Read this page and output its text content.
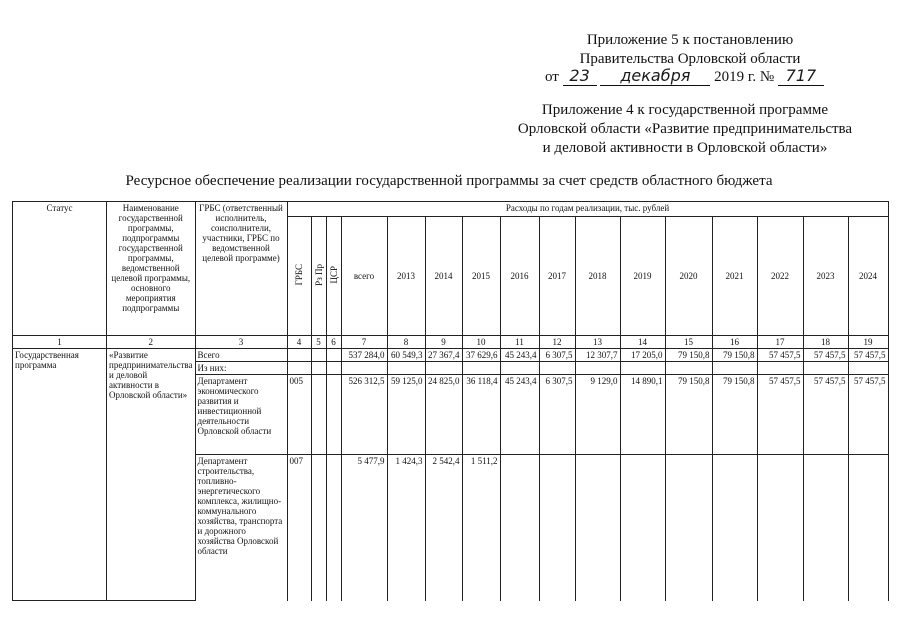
Приложение 5 к постановлению
Правительства Орловской области
от 23 декабря 2019 г. № 717
Приложение 4 к государственной программе
Орловской области «Развитие предпринимательства
и деловой активности в Орловской области»
Ресурсное обеспечение реализации государственной программы за счет средств областного бюджета
Статус	Наименование государственной программы, подпрограммы государственной программы, ведомственной целевой программы, основного мероприятия подпрограммы	ГРБС (ответственный исполнитель, соисполнители, участники, ГРБС по ведомственной целевой программе)	Расходы по годам реализации, тыс. рублей															
			ГРБС	Рз Пр	ЦСР	всего	2013	2014	2015	2016	2017	2018	2019	2020	2021	2022	2023	2024
1	2	3	4	5	6	7	8	9	10	11	12	13	14	15	16	17	18	19
Государственная программа	«Развитие предпринимательства и деловой активности в Орловской области»	Всего				537 284,0	60 549,3	27 367,4	37 629,6	45 243,4	6 307,5	12 307,7	17 205,0	79 150,8	79 150,8	57 457,5	57 457,5	57 457,5
		Из них:																
		Департамент экономического развития и инвестиционной деятельности Орловской области	005			526 312,5	59 125,0	24 825,0	36 118,4	45 243,4	6 307,5	9 129,0	14 890,1	79 150,8	79 150,8	57 457,5	57 457,5	57 457,5
		Департамент строительства, топливно-энергетического комплекса, жилищно-коммунального хозяйства, транспорта и дорожного хозяйства Орловской области	007			5 477,9	1 424,3	2 542,4	1 511,2									
